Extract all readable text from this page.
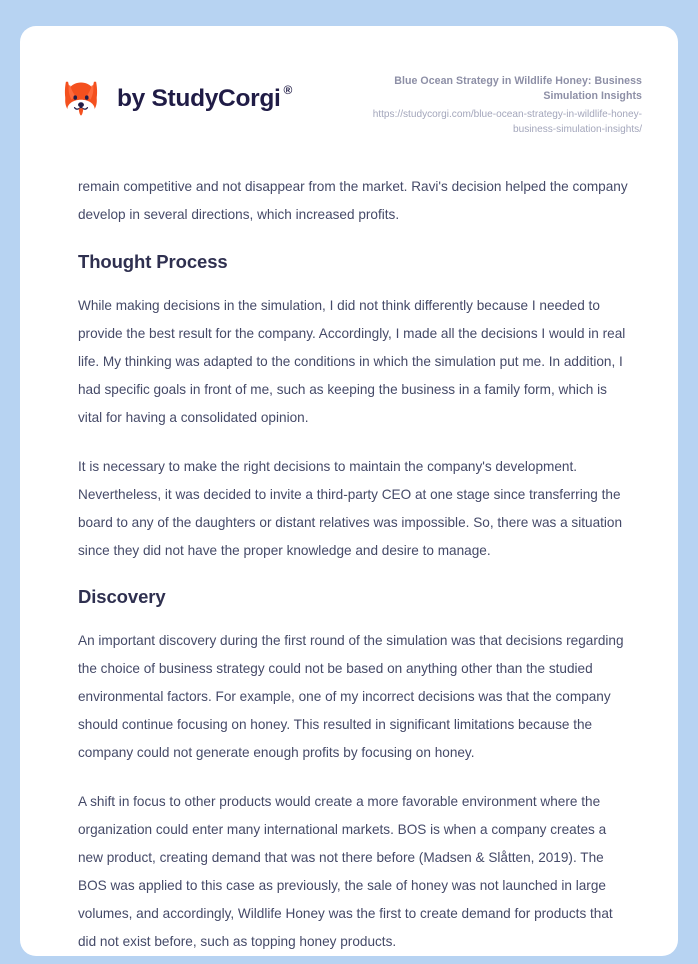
by StudyCorgi ®
Blue Ocean Strategy in Wildlife Honey: Business Simulation Insights
https://studycorgi.com/blue-ocean-strategy-in-wildlife-honey-business-simulation-insights/

remain competitive and not disappear from the market. Ravi's decision helped the company develop in several directions, which increased profits.

Thought Process

While making decisions in the simulation, I did not think differently because I needed to provide the best result for the company. Accordingly, I made all the decisions I would in real life. My thinking was adapted to the conditions in which the simulation put me. In addition, I had specific goals in front of me, such as keeping the business in a family form, which is vital for having a consolidated opinion.

It is necessary to make the right decisions to maintain the company's development. Nevertheless, it was decided to invite a third-party CEO at one stage since transferring the board to any of the daughters or distant relatives was impossible. So, there was a situation since they did not have the proper knowledge and desire to manage.

Discovery

An important discovery during the first round of the simulation was that decisions regarding the choice of business strategy could not be based on anything other than the studied environmental factors. For example, one of my incorrect decisions was that the company should continue focusing on honey. This resulted in significant limitations because the company could not generate enough profits by focusing on honey.

A shift in focus to other products would create a more favorable environment where the organization could enter many international markets. BOS is when a company creates a new product, creating demand that was not there before (Madsen & Slåtten, 2019). The BOS was applied to this case as previously, the sale of honey was not launched in large volumes, and accordingly, Wildlife Honey was the first to create demand for products that did not exist before, such as topping honey products.
